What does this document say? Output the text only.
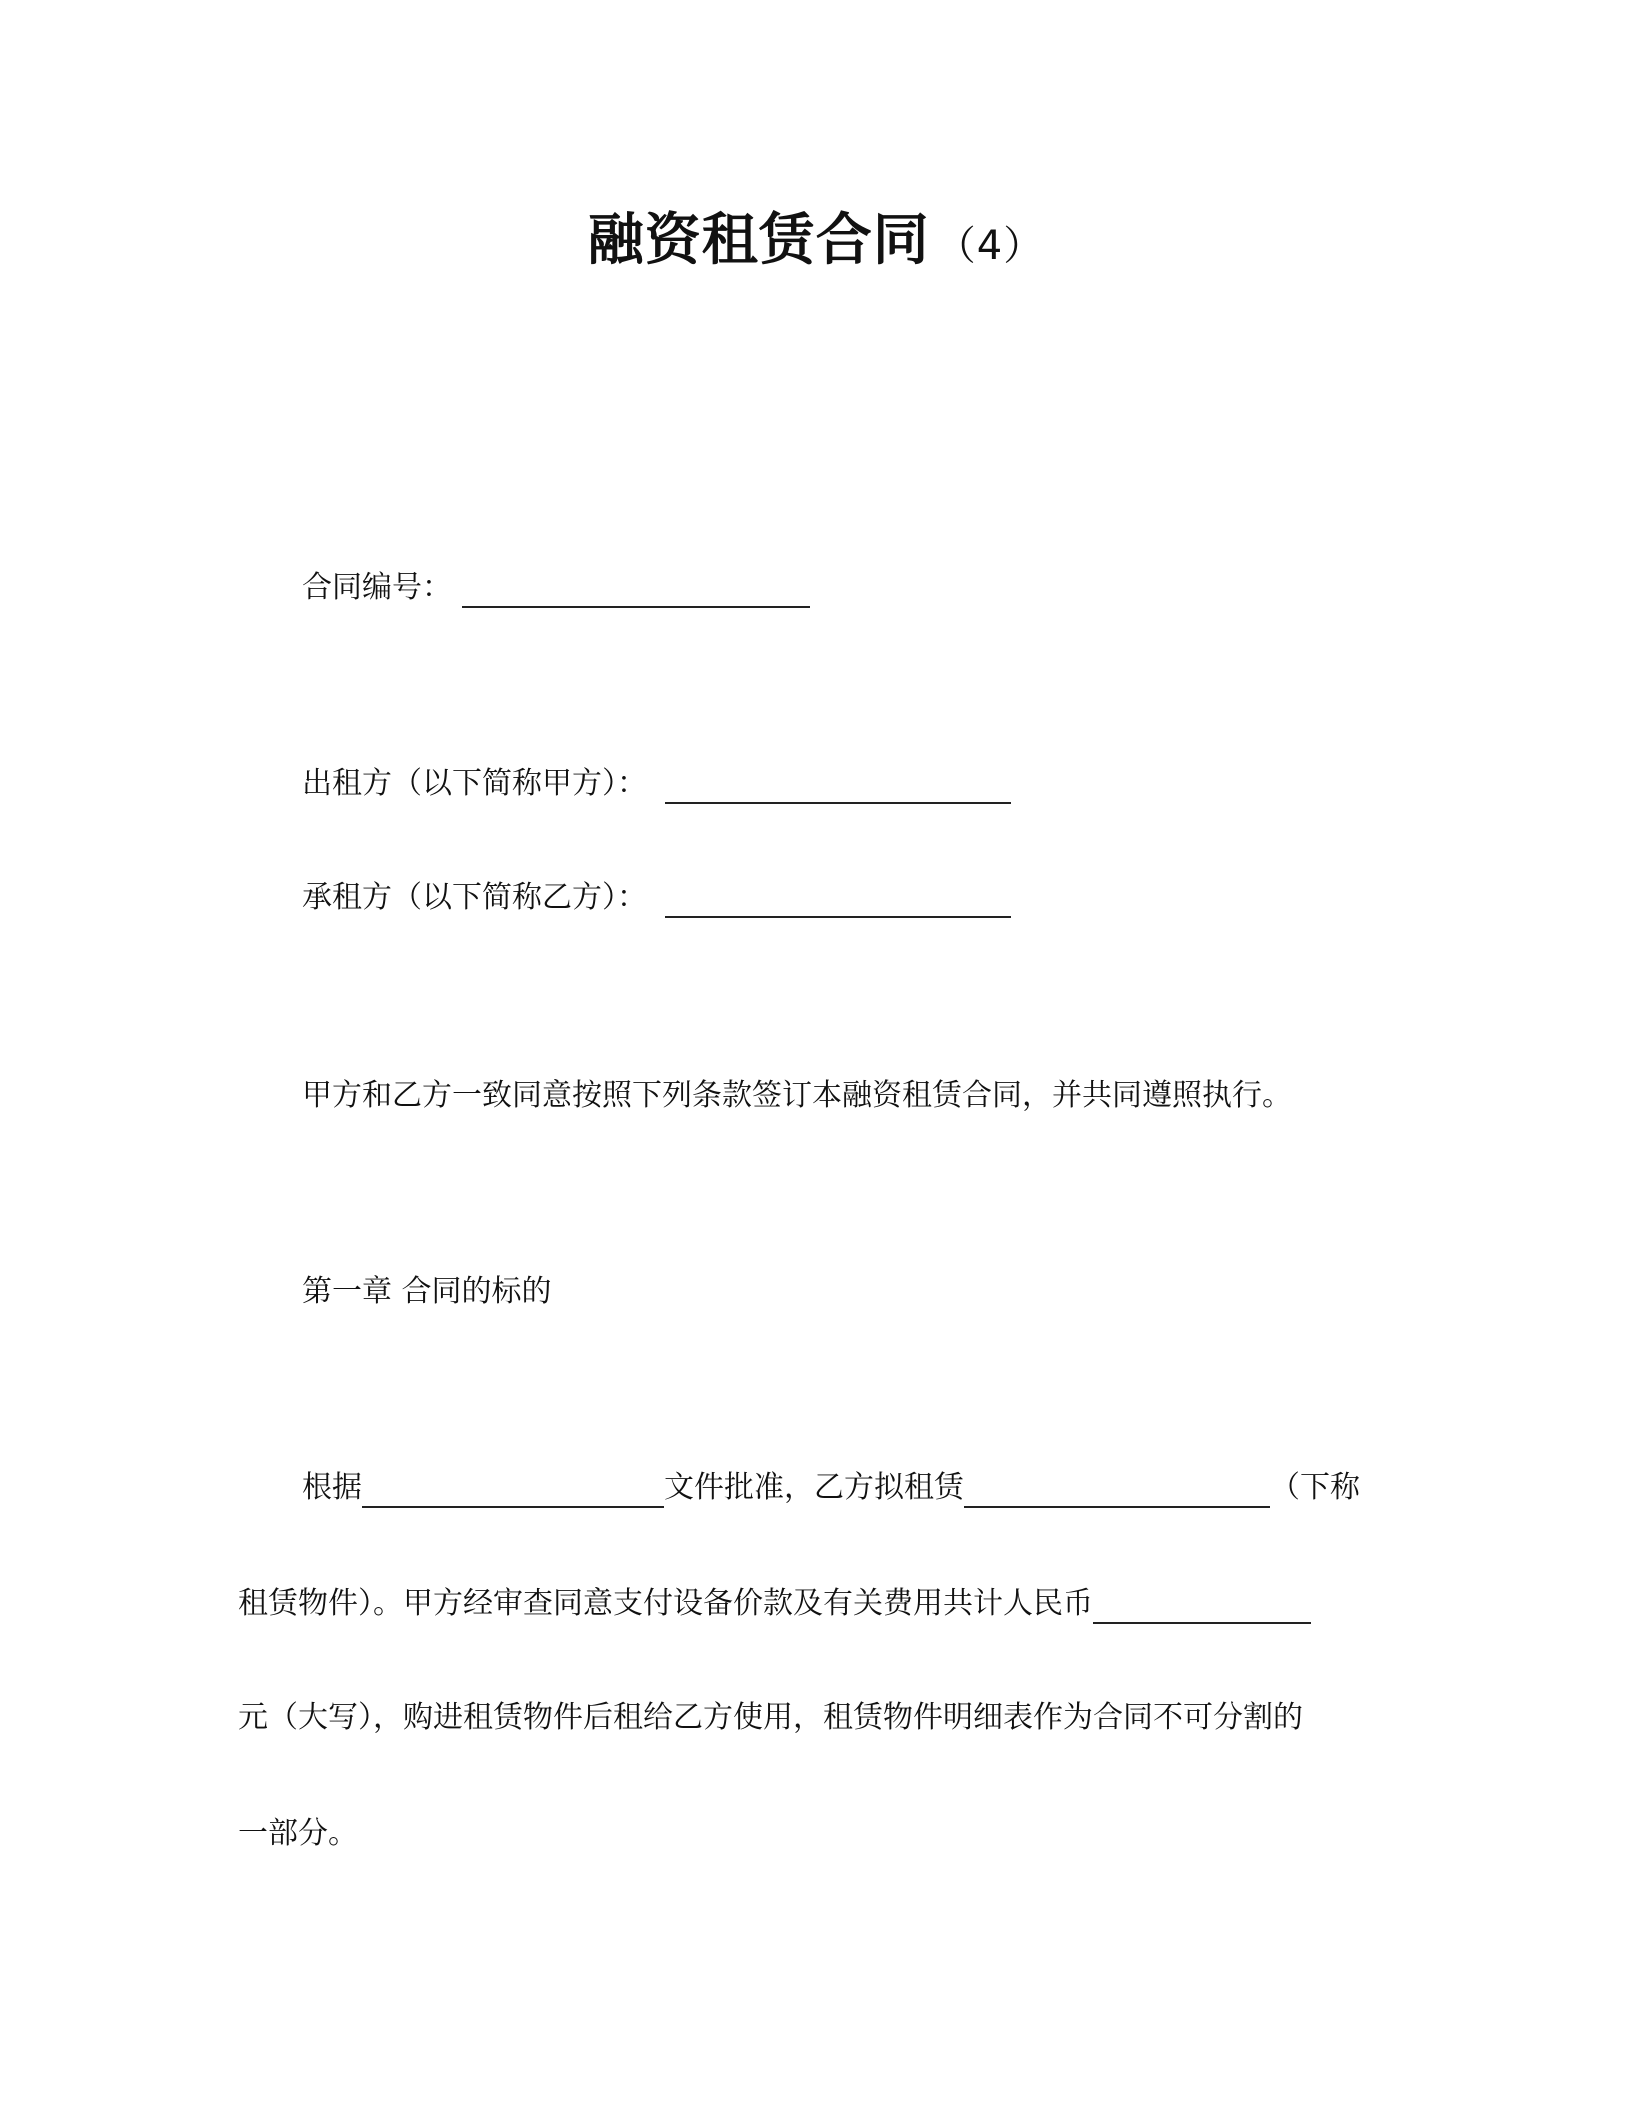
融资租赁合同 （4）
合同编号：
出租方（以下简称甲方）：
承租方（以下简称乙方）：
甲方和乙方一致同意按照下列条款签订本融资租赁合同，并共同遵照执行。
第一章 合同的标的
根据	文件批准，乙方拟租赁	（下称
租赁物件）。甲方经审查同意支付设备价款及有关费用共计人民币
元（大写），购进租赁物件后租给乙方使用，租赁物件明细表作为合同不可分割的
一部分。
